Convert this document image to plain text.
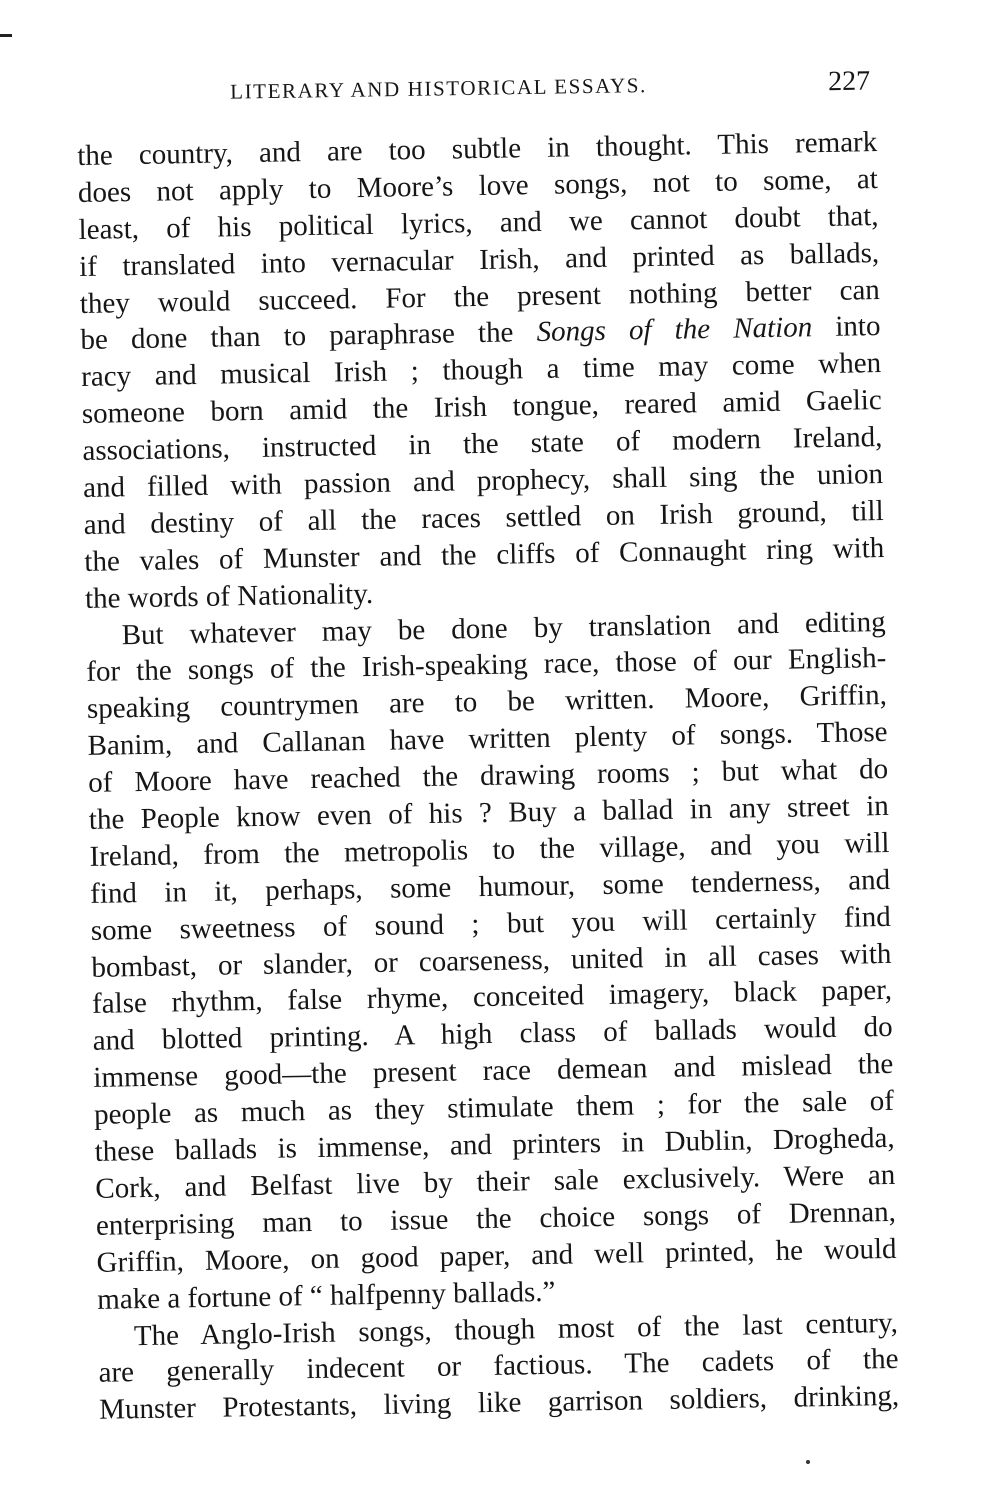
LITERARY AND HISTORICAL ESSAYS.	227
the country, and are too subtle in thought. This remark
does not apply to Moore’s love songs, not to some, at
least, of his political lyrics, and we cannot doubt that,
if translated into vernacular Irish, and printed as ballads,
they would succeed. For the present nothing better can
be done than to paraphrase the Songs of the Nation into
racy and musical Irish ; though a time may come when
someone born amid the Irish tongue, reared amid Gaelic
associations, instructed in the state of modern Ireland,
and filled with passion and prophecy, shall sing the union
and destiny of all the races settled on Irish ground, till
the vales of Munster and the cliffs of Connaught ring with
the words of Nationality.
But whatever may be done by translation and editing
for the songs of the Irish-speaking race, those of our English-
speaking countrymen are to be written. Moore, Griffin,
Banim, and Callanan have written plenty of songs. Those
of Moore have reached the drawing rooms ; but what do
the People know even of his ? Buy a ballad in any street in
Ireland, from the metropolis to the village, and you will
find in it, perhaps, some humour, some tenderness, and
some sweetness of sound ; but you will certainly find
bombast, or slander, or coarseness, united in all cases with
false rhythm, false rhyme, conceited imagery, black paper,
and blotted printing. A high class of ballads would do
immense good—the present race demean and mislead the
people as much as they stimulate them ; for the sale of
these ballads is immense, and printers in Dublin, Drogheda,
Cork, and Belfast live by their sale exclusively. Were an
enterprising man to issue the choice songs of Drennan,
Griffin, Moore, on good paper, and well printed, he would
make a fortune of “ halfpenny ballads.”
The Anglo-Irish songs, though most of the last century,
are generally indecent or factious. The cadets of the
Munster Protestants, living like garrison soldiers, drinking,
